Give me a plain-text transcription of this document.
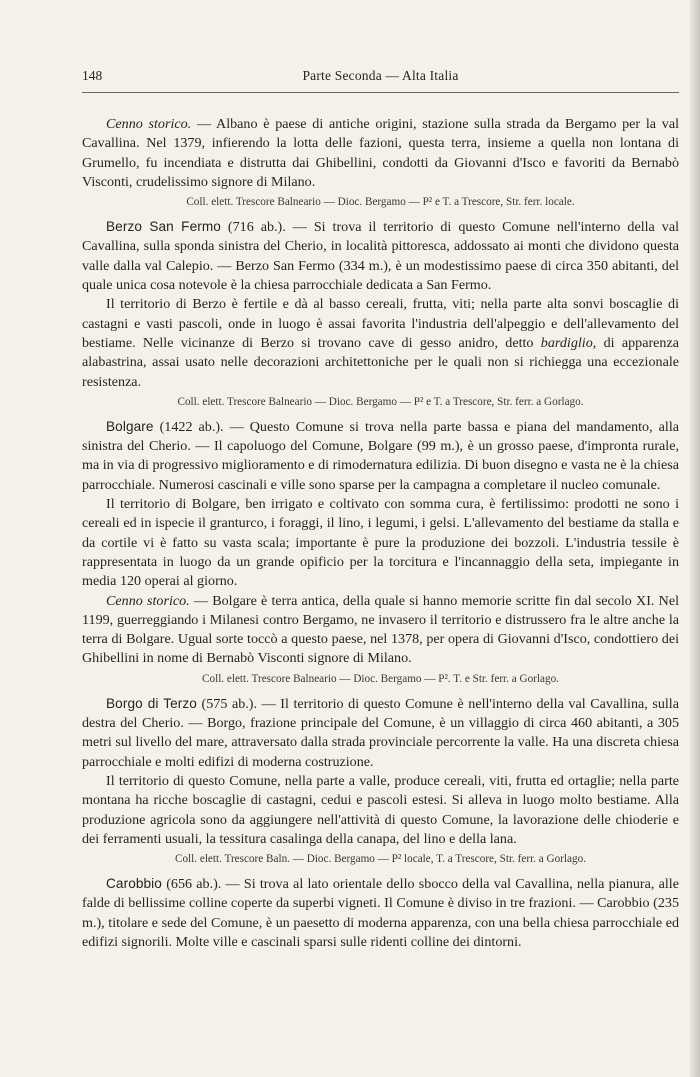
148	Parte Seconda — Alta Italia

Cenno storico. — Albano è paese di antiche origini, stazione sulla strada da Bergamo per la val Cavallina. Nel 1379, infierendo la lotta delle fazioni, questa terra, insieme a quella non lontana di Grumello, fu incendiata e distrutta dai Ghibellini, condotti da Giovanni d'Isco e favoriti da Bernabò Visconti, crudelissimo signore di Milano.

Coll. elett. Trescore Balneario — Dioc. Bergamo — P² e T. a Trescore, Str. ferr. locale.

Berzo San Fermo (716 ab.). — Si trova il territorio di questo Comune nell'interno della val Cavallina, sulla sponda sinistra del Cherio, in località pittoresca, addossato ai monti che dividono questa valle dalla val Calepio. — Berzo San Fermo (334 m.), è un modestissimo paese di circa 350 abitanti, del quale unica cosa notevole è la chiesa parrocchiale dedicata a San Fermo.

Il territorio di Berzo è fertile e dà al basso cereali, frutta, viti; nella parte alta sonvi boscaglie di castagni e vasti pascoli, onde in luogo è assai favorita l'industria dell'alpeggio e dell'allevamento del bestiame. Nelle vicinanze di Berzo si trovano cave di gesso anidro, detto bardiglio, di apparenza alabastrina, assai usato nelle decorazioni architettoniche per le quali non si richiegga una eccezionale resistenza.

Coll. elett. Trescore Balneario — Dioc. Bergamo — P² e T. a Trescore, Str. ferr. a Gorlago.

Bolgare (1422 ab.). — Questo Comune si trova nella parte bassa e piana del mandamento, alla sinistra del Cherio. — Il capoluogo del Comune, Bolgare (99 m.), è un grosso paese, d'impronta rurale, ma in via di progressivo miglioramento e di rimodernatura edilizia. Di buon disegno e vasta ne è la chiesa parrocchiale. Numerosi cascinali e ville sono sparse per la campagna a completare il nucleo comunale.

Il territorio di Bolgare, ben irrigato e coltivato con somma cura, è fertilissimo: prodotti ne sono i cereali ed in ispecie il granturco, i foraggi, il lino, i legumi, i gelsi. L'allevamento del bestiame da stalla e da cortile vi è fatto su vasta scala; importante è pure la produzione dei bozzoli. L'industria tessile è rappresentata in luogo da un grande opificio per la torcitura e l'incannaggio della seta, impiegante in media 120 operai al giorno.

Cenno storico. — Bolgare è terra antica, della quale si hanno memorie scritte fin dal secolo XI. Nel 1199, guerreggiando i Milanesi contro Bergamo, ne invasero il territorio e distrussero fra le altre anche la terra di Bolgare. Ugual sorte toccò a questo paese, nel 1378, per opera di Giovanni d'Isco, condottiero dei Ghibellini in nome di Bernabò Visconti signore di Milano.

Coll. elett. Trescore Balneario — Dioc. Bergamo — P². T. e Str. ferr. a Gorlago.

Borgo di Terzo (575 ab.). — Il territorio di questo Comune è nell'interno della val Cavallina, sulla destra del Cherio. — Borgo, frazione principale del Comune, è un villaggio di circa 460 abitanti, a 305 metri sul livello del mare, attraversato dalla strada provinciale percorrente la valle. Ha una discreta chiesa parrocchiale e molti edifizi di moderna costruzione.

Il territorio di questo Comune, nella parte a valle, produce cereali, viti, frutta ed ortaglie; nella parte montana ha ricche boscaglie di castagni, cedui e pascoli estesi. Si alleva in luogo molto bestiame. Alla produzione agricola sono da aggiungere nell'attività di questo Comune, la lavorazione delle chioderie e dei ferramenti usuali, la tessitura casalinga della canapa, del lino e della lana.

Coll. elett. Trescore Baln. — Dioc. Bergamo — P² locale, T. a Trescore, Str. ferr. a Gorlago.

Carobbio (656 ab.). — Si trova al lato orientale dello sbocco della val Cavallina, nella pianura, alle falde di bellissime colline coperte da superbi vigneti. Il Comune è diviso in tre frazioni. — Carobbio (235 m.), titolare e sede del Comune, è un paesetto di moderna apparenza, con una bella chiesa parrocchiale ed edifizi signorili. Molte ville e cascinali sparsi sulle ridenti colline dei dintorni.
